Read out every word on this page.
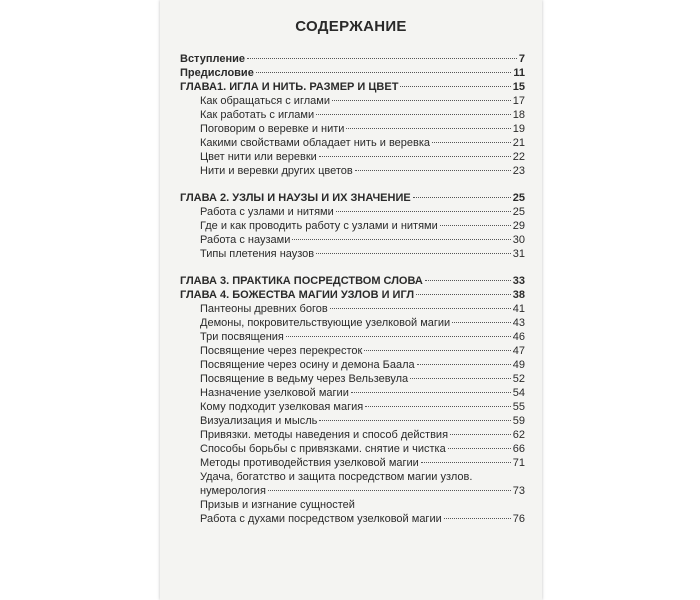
СОДЕРЖАНИЕ
Вступление	7
Предисловие	11
ГЛАВА1. ИГЛА И НИТЬ. РАЗМЕР И ЦВЕТ	15
Как обращаться с иглами	17
Как работать с иглами	18
Поговорим о веревке и нити	19
Какими свойствами обладает нить и веревка	21
Цвет нити или веревки	22
Нити и веревки других цветов	23
ГЛАВА 2. УЗЛЫ И НАУЗЫ И ИХ ЗНАЧЕНИЕ	25
Работа с узлами и нитями	25
Где и как проводить работу с узлами и нитями	29
Работа с наузами	30
Типы плетения наузов	31
ГЛАВА 3. ПРАКТИКА ПОСРЕДСТВОМ СЛОВА	33
ГЛАВА 4. БОЖЕСТВА МАГИИ УЗЛОВ И ИГЛ	38
Пантеоны древних богов	41
Демоны, покровительствующие узелковой магии	43
Три посвящения	46
Посвящение через перекресток	47
Посвящение через осину и демона Баала	49
Посвящение в ведьму через Вельзевула	52
Назначение узелковой магии	54
Кому подходит узелковая магия	55
Визуализация и мысль	59
Привязки. методы наведения и способ действия	62
Способы борьбы с привязками. снятие и чистка	66
Методы противодействия узелковой магии	71
Удача, богатство и защита посредством магии узлов.
нумерология	73
Призыв и изгнание сущностей
Работа с духами посредством узелковой магии	76
